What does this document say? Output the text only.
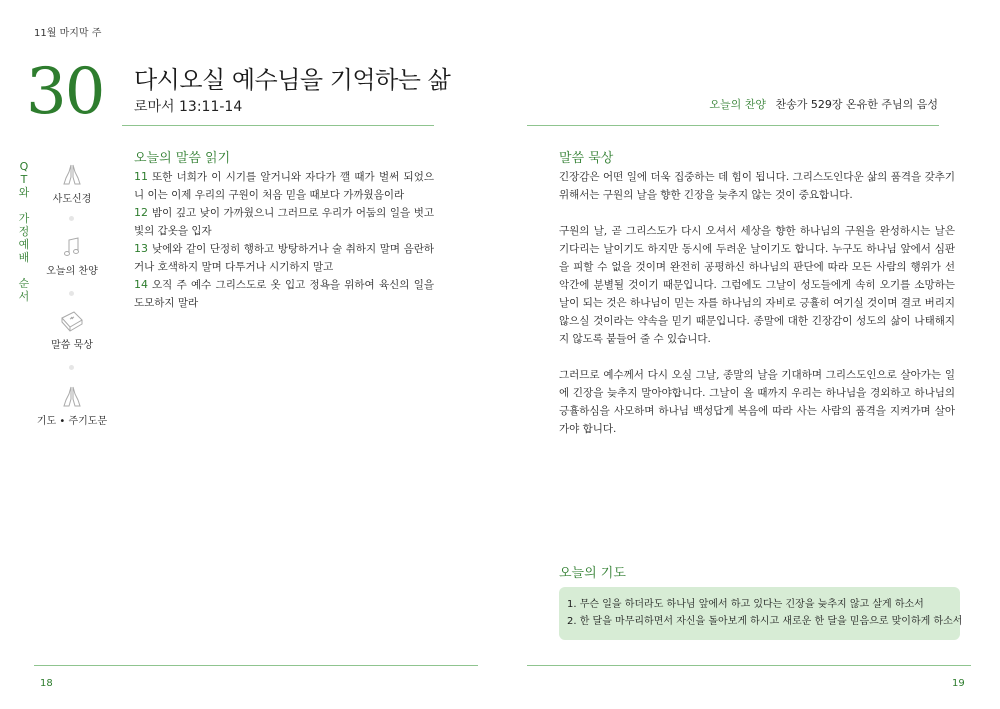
11월 마지막 주
30 다시오실 예수님을 기억하는 삶
로마서 13:11-14	오늘의 찬양 찬송가 529장 온유한 주님의 음성
Q
T
와
가
정
예
배
순
서
사도신경
오늘의 찬양
말씀 묵상
기도 • 주기도문
오늘의 말씀 읽기
11 또한 너희가 이 시기를 알거니와 자다가 깰 때가 벌써 되었으니 이는 이제 우리의 구원이 처음 믿을 때보다 가까웠음이라
12 밤이 깊고 낮이 가까웠으니 그러므로 우리가 어둠의 일을 벗고 빛의 갑옷을 입자
13 낮에와 같이 단정히 행하고 방탕하거나 술 취하지 말며 음란하거나 호색하지 말며 다투거나 시기하지 말고
14 오직 주 예수 그리스도로 옷 입고 정욕을 위하여 육신의 일을 도모하지 말라
말씀 묵상

긴장감은 어떤 일에 더욱 집중하는 데 힘이 됩니다. 그리스도인다운 삶의 품격을 갖추기 위해서는 구원의 날을 향한 긴장을 늦추지 않는 것이 중요합니다.

구원의 날, 곧 그리스도가 다시 오셔서 세상을 향한 하나님의 구원을 완성하시는 날은 기다리는 날이기도 하지만 동시에 두려운 날이기도 합니다. 누구도 하나님 앞에서 심판을 피할 수 없을 것이며 완전히 공평하신 하나님의 판단에 따라 모든 사람의 행위가 선악간에 분별될 것이기 때문입니다. 그럼에도 그날이 성도들에게 속히 오기를 소망하는 날이 되는 것은 하나님이 믿는 자를 하나님의 자비로 긍휼히 여기실 것이며 결코 버리지 않으실 것이라는 약속을 믿기 때문입니다. 종말에 대한 긴장감이 성도의 삶이 나태해지지 않도록 붙들어 줄 수 있습니다.

그러므로 예수께서 다시 오실 그날, 종말의 날을 기대하며 그리스도인으로 살아가는 일에 긴장을 늦추지 말아야합니다. 그날이 올 때까지 우리는 하나님을 경외하고 하나님의 긍휼하심을 사모하며 하나님 백성답게 복음에 따라 사는 사람의 품격을 지켜가며 살아가야 합니다.

오늘의 기도
1. 무슨 일을 하더라도 하나님 앞에서 하고 있다는 긴장을 늦추지 않고 살게 하소서
2. 한 달을 마무리하면서 자신을 돌아보게 하시고 새로운 한 달을 믿음으로 맞이하게 하소서
18	19
